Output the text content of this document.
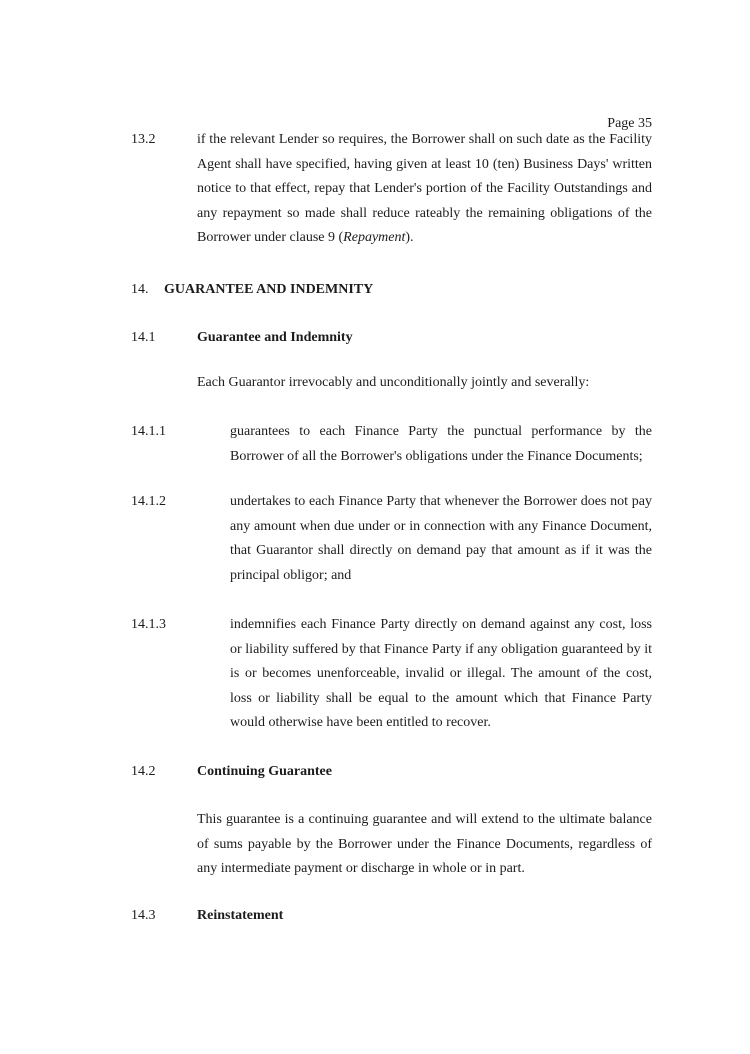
Page 35
13.2	if the relevant Lender so requires, the Borrower shall on such date as the Facility Agent shall have specified, having given at least 10 (ten) Business Days' written notice to that effect, repay that Lender's portion of the Facility Outstandings and any repayment so made shall reduce rateably the remaining obligations of the Borrower under clause 9 (Repayment).

14. GUARANTEE AND INDEMNITY
14.1	Guarantee and Indemnity

Each Guarantor irrevocably and unconditionally jointly and severally:

14.1.1	guarantees to each Finance Party the punctual performance by the Borrower of all the Borrower's obligations under the Finance Documents;

14.1.2	undertakes to each Finance Party that whenever the Borrower does not pay any amount when due under or in connection with any Finance Document, that Guarantor shall directly on demand pay that amount as if it was the principal obligor; and

14.1.3	indemnifies each Finance Party directly on demand against any cost, loss or liability suffered by that Finance Party if any obligation guaranteed by it is or becomes unenforceable, invalid or illegal. The amount of the cost, loss or liability shall be equal to the amount which that Finance Party would otherwise have been entitled to recover.

14.2	Continuing Guarantee

This guarantee is a continuing guarantee and will extend to the ultimate balance of sums payable by the Borrower under the Finance Documents, regardless of any intermediate payment or discharge in whole or in part.

14.3	Reinstatement
